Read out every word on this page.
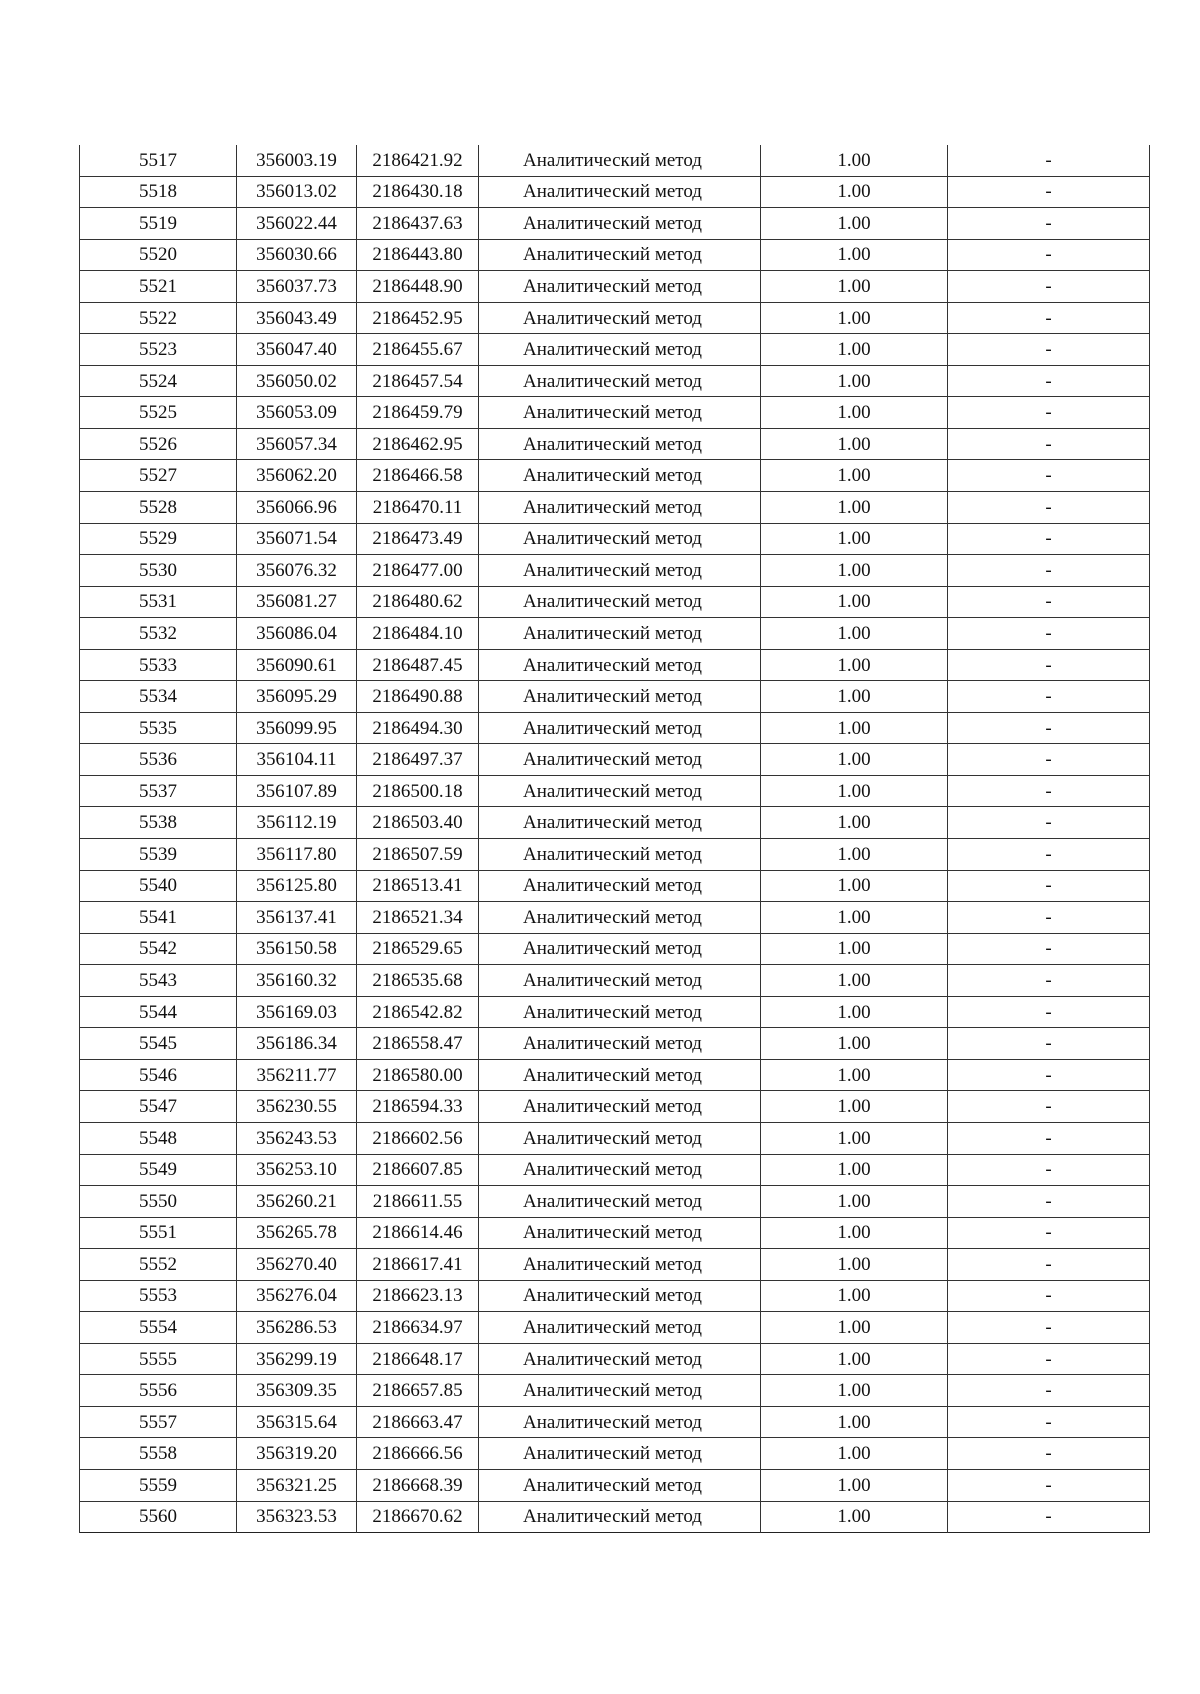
5517	356003.19	2186421.92	Аналитический метод	1.00	-
5518	356013.02	2186430.18	Аналитический метод	1.00	-
5519	356022.44	2186437.63	Аналитический метод	1.00	-
5520	356030.66	2186443.80	Аналитический метод	1.00	-
5521	356037.73	2186448.90	Аналитический метод	1.00	-
5522	356043.49	2186452.95	Аналитический метод	1.00	-
5523	356047.40	2186455.67	Аналитический метод	1.00	-
5524	356050.02	2186457.54	Аналитический метод	1.00	-
5525	356053.09	2186459.79	Аналитический метод	1.00	-
5526	356057.34	2186462.95	Аналитический метод	1.00	-
5527	356062.20	2186466.58	Аналитический метод	1.00	-
5528	356066.96	2186470.11	Аналитический метод	1.00	-
5529	356071.54	2186473.49	Аналитический метод	1.00	-
5530	356076.32	2186477.00	Аналитический метод	1.00	-
5531	356081.27	2186480.62	Аналитический метод	1.00	-
5532	356086.04	2186484.10	Аналитический метод	1.00	-
5533	356090.61	2186487.45	Аналитический метод	1.00	-
5534	356095.29	2186490.88	Аналитический метод	1.00	-
5535	356099.95	2186494.30	Аналитический метод	1.00	-
5536	356104.11	2186497.37	Аналитический метод	1.00	-
5537	356107.89	2186500.18	Аналитический метод	1.00	-
5538	356112.19	2186503.40	Аналитический метод	1.00	-
5539	356117.80	2186507.59	Аналитический метод	1.00	-
5540	356125.80	2186513.41	Аналитический метод	1.00	-
5541	356137.41	2186521.34	Аналитический метод	1.00	-
5542	356150.58	2186529.65	Аналитический метод	1.00	-
5543	356160.32	2186535.68	Аналитический метод	1.00	-
5544	356169.03	2186542.82	Аналитический метод	1.00	-
5545	356186.34	2186558.47	Аналитический метод	1.00	-
5546	356211.77	2186580.00	Аналитический метод	1.00	-
5547	356230.55	2186594.33	Аналитический метод	1.00	-
5548	356243.53	2186602.56	Аналитический метод	1.00	-
5549	356253.10	2186607.85	Аналитический метод	1.00	-
5550	356260.21	2186611.55	Аналитический метод	1.00	-
5551	356265.78	2186614.46	Аналитический метод	1.00	-
5552	356270.40	2186617.41	Аналитический метод	1.00	-
5553	356276.04	2186623.13	Аналитический метод	1.00	-
5554	356286.53	2186634.97	Аналитический метод	1.00	-
5555	356299.19	2186648.17	Аналитический метод	1.00	-
5556	356309.35	2186657.85	Аналитический метод	1.00	-
5557	356315.64	2186663.47	Аналитический метод	1.00	-
5558	356319.20	2186666.56	Аналитический метод	1.00	-
5559	356321.25	2186668.39	Аналитический метод	1.00	-
5560	356323.53	2186670.62	Аналитический метод	1.00	-
